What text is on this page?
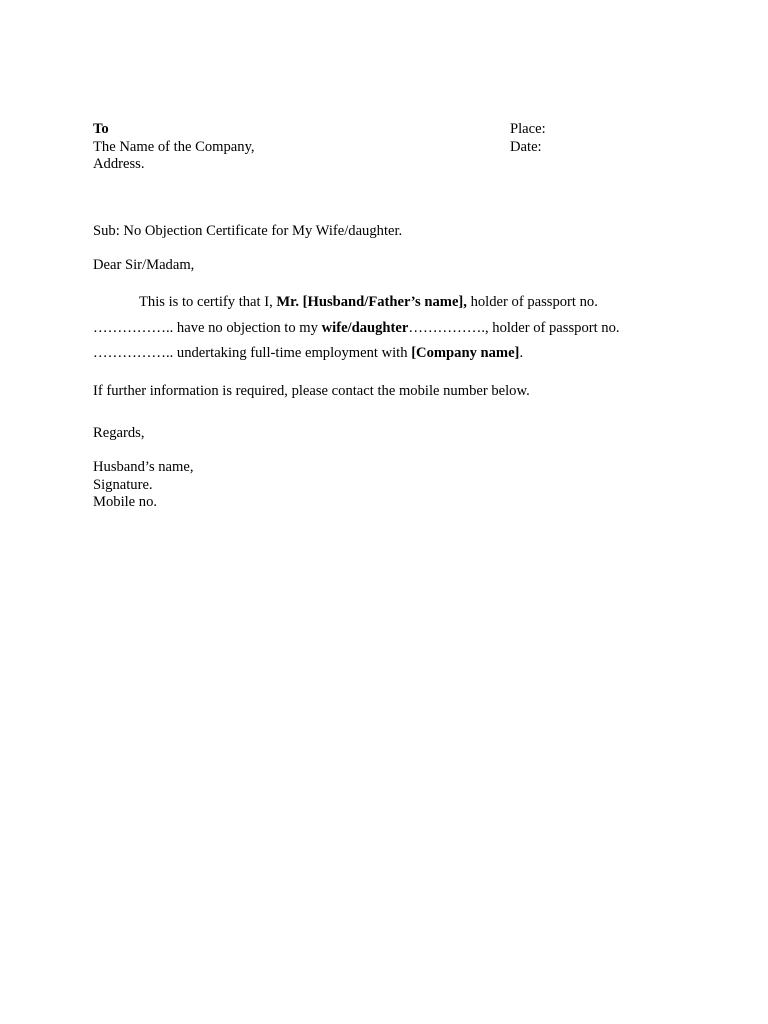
To
The Name of the Company,
Address.
Place:
Date:
Sub: No Objection Certificate for My Wife/daughter.
Dear Sir/Madam,
This is to certify that I, Mr. [Husband/Father’s name], holder of passport no.
…………….. have no objection to my wife/daughter……………., holder of passport no.
…………….. undertaking full-time employment with [Company name].
If further information is required, please contact the mobile number below.
Regards,
Husband’s name,
Signature.
Mobile no.
